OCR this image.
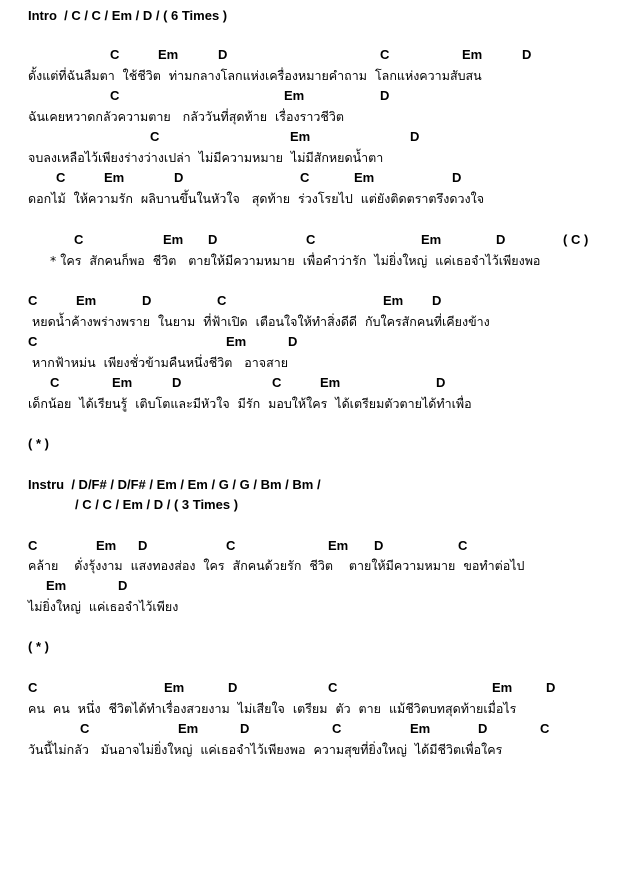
Intro  / C / C / Em / D / ( 6 Times )

C

	Em

	D

	C

	Em

	D

ดั้งแต่ที่ฉันลืมตา  ใช้ชีวิต  ท่ามกลางโลกแห่งเครื่องหมายคำถาม  โลกแห่งความสับสน

C

	Em

	D

ฉันเคยหวาดกลัวความตาย   กลัววันที่สุดท้าย  เรื่องราวชีวิต

C

	Em

	D

จบลงเหลือไว้เพียงร่างว่างเปล่า  ไม่มีความหมาย  ไม่มีสักหยดน้ำตา

C

	Em

	D

	C

	Em

	D

ดอกไม้  ให้ความรัก  ผลิบานขึ้นในหัวใจ   สุดท้าย  ร่วงโรยไป  แต่ยังติดตราตรึงดวงใจ

C

	Em

D

	C

	Em

	D

	( C )

* ใคร  สักคนก็พอ  ชีวิต   ตายให้มีความหมาย  เพื่อคำว่ารัก  ไม่ยิ่งใหญ่  แค่เธอจำไว้เพียงพอ

C

	Em

	D

	C

	Em

D

หยดน้ำค้างพร่างพราย  ในยาม  ที่ฟ้าเปิด  เตือนใจให้ทำสิ่งดีดี  กับใครสักคนที่เคียงข้าง

C

	Em

	D

หากฟ้าหม่น  เพียงชั่วข้ามคืนหนึ่งชีวิต   อาจสาย

C

	Em

	D

	C

	Em

	D

เด็กน้อย  ได้เรียนรู้  เติบโตและมีหัวใจ  มีรัก  มอบให้ใคร  ได้เตรียมตัวตายได้ทำเพื่อ

( * )

Instru  / D/F# / D/F# / Em / Em / G / G / Bm / Bm /

/ C / C / Em / D / ( 3 Times )

C

	Em

D

	C

	Em

D

	C

คล้าย    ดั่งรุ้งงาม  แสงทองส่อง  ใคร  สักคนด้วยรัก  ชีวิต    ตายให้มีความหมาย  ขอทำต่อไป

Em

	D

ไม่ยิ่งใหญ่  แค่เธอจำไว้เพียง

( * )

C

	Em

	D

	C

	Em

	D

คน  คน  หนึ่ง  ชีวิตได้ทำเรื่องสวยงาม  ไม่เสียใจ  เตรียม  ตัว  ตาย  แม้ชีวิตบทสุดท้ายเมื่อไร

C

	Em

	D

	C

	Em

	D

	C

วันนี้ไม่กลัว   มันอาจไม่ยิ่งใหญ่  แค่เธอจำไว้เพียงพอ  ความสุขที่ยิ่งใหญ่  ได้มีชีวิตเพื่อใคร
